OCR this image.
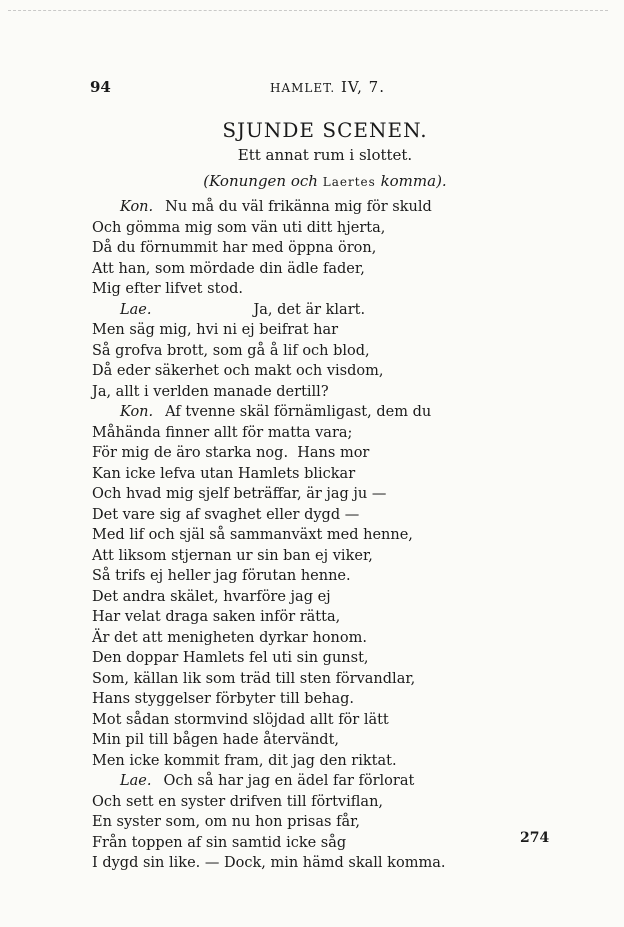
94	HAMLET. IV, 7.
SJUNDE SCENEN.
Ett annat rum i slottet.
(Konungen och Laertes komma).
Kon. Nu må du väl frikänna mig för skuld
Och gömma mig som vän uti ditt hjerta,
Då du förnummit har med öppna öron,
Att han, som mördade din ädle fader,
Mig efter lifvet stod.
Lae.	Ja, det är klart.
Men säg mig, hvi ni ej beifrat har
Så grofva brott, som gå å lif och blod,
Då eder säkerhet och makt och visdom,
Ja, allt i verlden manade dertill?
Kon. Af tvenne skäl förnämligast, dem du
Måhända finner allt för matta vara;
För mig de äro starka nog.  Hans mor
Kan icke lefva utan Hamlets blickar
Och hvad mig sjelf beträffar, är jag ju —
Det vare sig af svaghet eller dygd —
Med lif och själ så sammanväxt med henne,
Att liksom stjernan ur sin ban ej viker,
Så trifs ej heller jag förutan henne.
Det andra skälet, hvarföre jag ej
Har velat draga saken inför rätta,
Är det att menigheten dyrkar honom.
Den doppar Hamlets fel uti sin gunst,
Som, källan lik som träd till sten förvandlar,
Hans styggelser förbyter till behag.
Mot sådan stormvind slöjdad allt för lätt
Min pil till bågen hade återvändt,
Men icke kommit fram, dit jag den riktat.
Lae. Och så har jag en ädel far förlorat
Och sett en syster drifven till förtviflan,
En syster som, om nu hon prisas får,
Från toppen af sin samtid icke såg
I dygd sin like. — Dock, min hämd skall komma.
274
